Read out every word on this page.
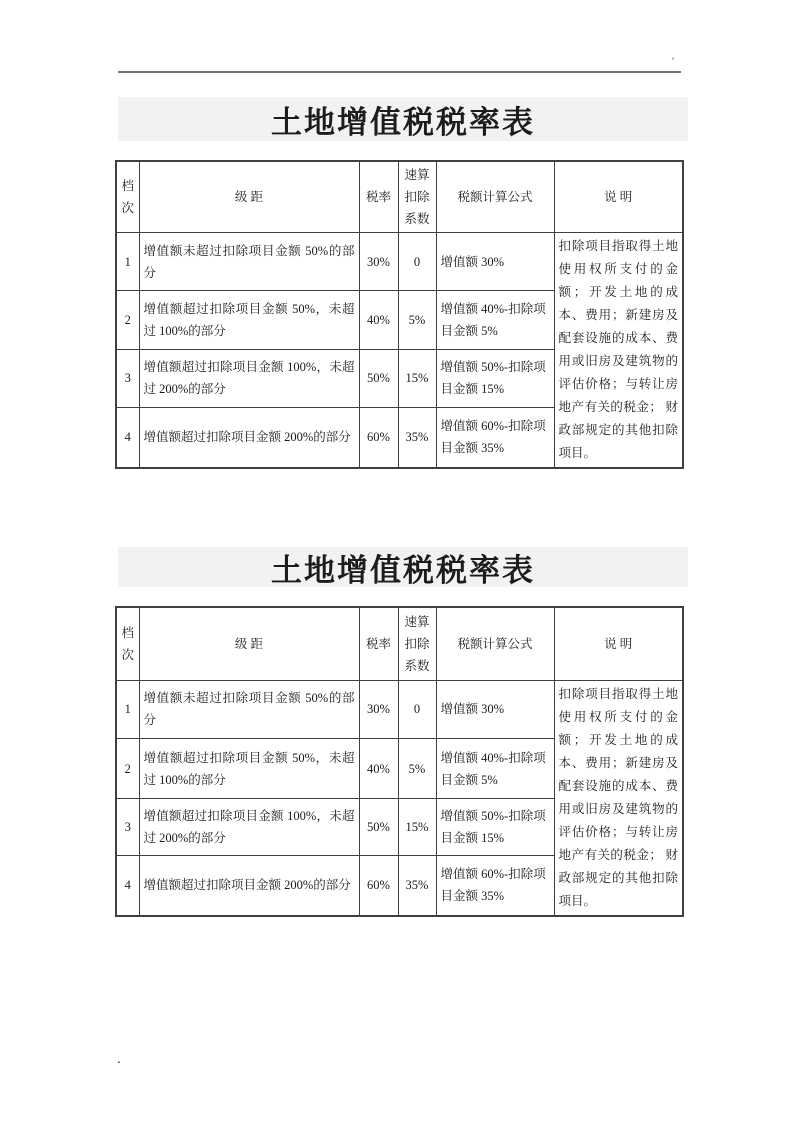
'
土地增值税税率表
档次	级 距	税率	速算扣除系数	税额计算公式	说 明
1	增值额未超过扣除项目金额 50%的部分	30%	0	增值额 30%	扣除项目指取得土地使用权所支付的金额；开发土地的成本、费用；新建房及配套设施的成本、费用或旧房及建筑物的评估价格；与转让房地产有关的税金； 财政部规定的其他扣除项目。
2	增值额超过扣除项目金额 50%，未超过 100%的部分	40%	5%	增值额 40%-扣除项目金额 5%	
3	增值额超过扣除项目金额 100%，未超过 200%的部分	50%	15%	增值额 50%-扣除项目金额 15%	
4	增值额超过扣除项目金额 200%的部分	60%	35%	增值额 60%-扣除项目金额 35%	
土地增值税税率表
档次	级 距	税率	速算扣除系数	税额计算公式	说 明
1	增值额未超过扣除项目金额 50%的部分	30%	0	增值额 30%	扣除项目指取得土地使用权所支付的金额；开发土地的成本、费用；新建房及配套设施的成本、费用或旧房及建筑物的评估价格；与转让房地产有关的税金； 财政部规定的其他扣除项目。
2	增值额超过扣除项目金额 50%，未超过 100%的部分	40%	5%	增值额 40%-扣除项目金额 5%	
3	增值额超过扣除项目金额 100%，未超过 200%的部分	50%	15%	增值额 50%-扣除项目金额 15%	
4	增值额超过扣除项目金额 200%的部分	60%	35%	增值额 60%-扣除项目金额 35%	
.
